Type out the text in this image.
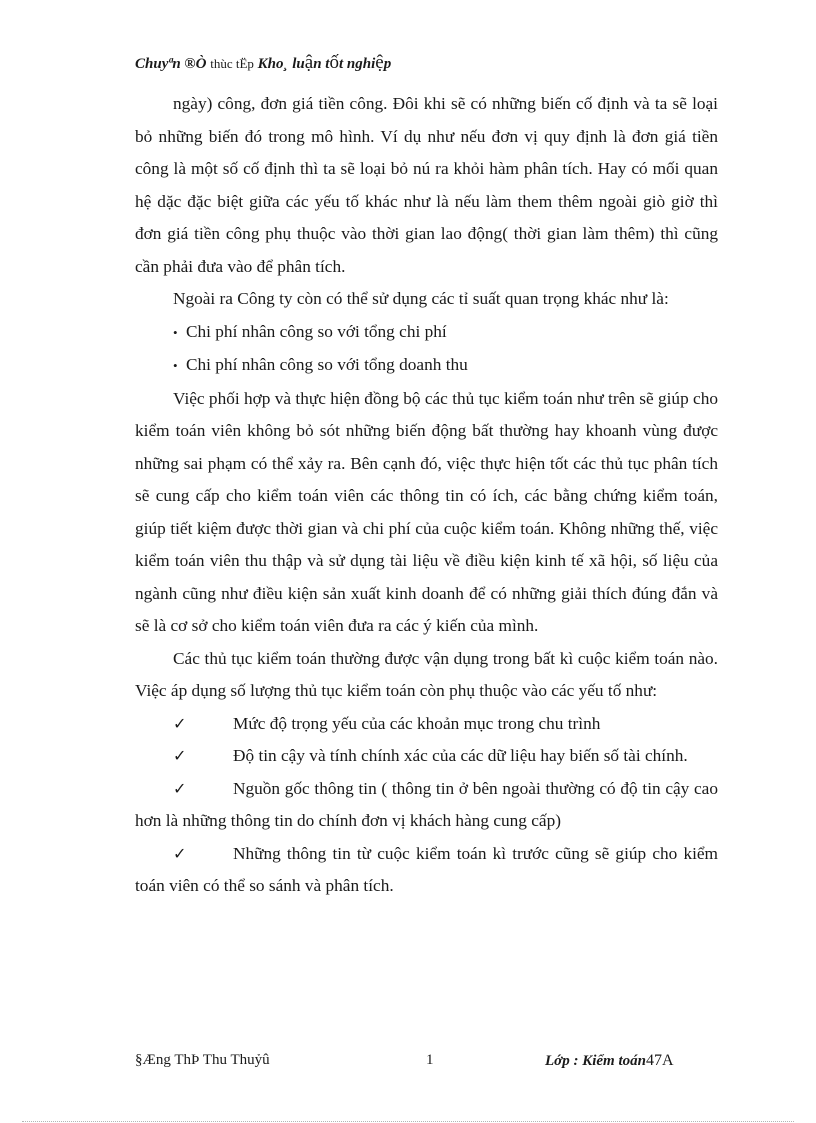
Chuyªn ®Ò thùc tËp Kho¸ luận tốt nghiệp

ngày) công, đơn giá tiền công. Đôi khi sẽ có những biến cố định và ta sẽ loại bỏ những biến đó trong mô hình. Ví dụ như nếu đơn vị quy định là đơn giá tiền công là một số cố định thì ta sẽ loại bỏ nú ra khỏi hàm phân tích. Hay có mối quan hệ dặc đặc biệt giữa các yếu tố khác như là nếu làm them thêm ngoài giò giờ thì đơn giá tiền công phụ thuộc vào thời gian lao động( thời gian làm thêm) thì cũng cần phải đưa vào để phân tích.

Ngoài ra Công ty còn có thể sử dụng các tỉ suất quan trọng khác như là:

• Chi phí nhân công so với tổng chi phí

• Chi phí nhân công so với tổng doanh thu

Việc phối hợp và thực hiện đồng bộ các thủ tục kiểm toán như trên sẽ giúp cho kiểm toán viên không bỏ sót những biến động bất thường hay khoanh vùng được những sai phạm có thể xảy ra. Bên cạnh đó, việc thực hiện tốt các thủ tục phân tích sẽ cung cấp cho kiểm toán viên các thông tin có ích, các bằng chứng kiểm toán, giúp tiết kiệm được thời gian và chi phí của cuộc kiểm toán. Không những thế, việc kiểm toán viên thu thập và sử dụng tài liệu về điều kiện kinh tế xã hội, số liệu của ngành cũng như điều kiện sản xuất kinh doanh để có những giải thích đúng đắn và sẽ là cơ sở cho kiểm toán viên đưa ra các ý kiến của mình.

Các thủ tục kiểm toán thường được vận dụng trong bất kì cuộc kiểm toán nào. Việc áp dụng số lượng thủ tục kiểm toán còn phụ thuộc vào các yếu tố như:

✓	Mức độ trọng yếu của các khoản mục trong chu trình

✓	Độ tin cậy và tính chính xác của các dữ liệu hay biến số tài chính.

✓	Nguồn gốc thông tin ( thông tin ở bên ngoài thường có độ tin cậy cao hơn là những thông tin do chính đơn vị khách hàng cung cấp)

✓	Những thông tin từ cuộc kiểm toán kì trước cũng sẽ giúp cho kiểm toán viên có thể so sánh và phân tích.

§Æng ThÞ Thu Thuỷû	1	Lớp : Kiểm toán47A
